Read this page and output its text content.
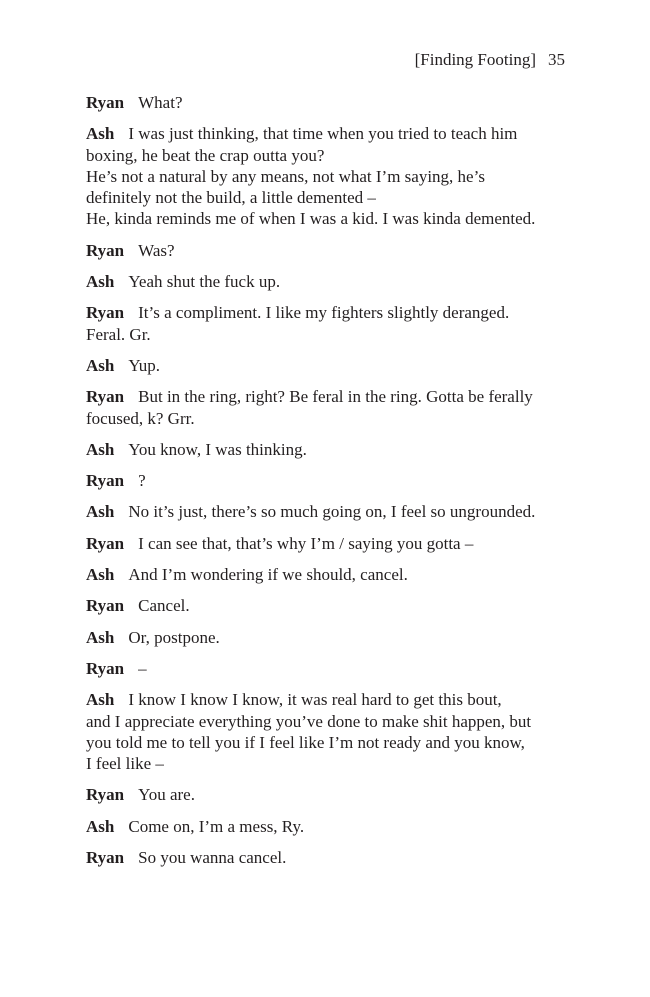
[Finding Footing] 35
Ryan What?
Ash I was just thinking, that time when you tried to teach him
boxing, he beat the crap outta you?
He’s not a natural by any means, not what I’m saying, he’s
definitely not the build, a little demented –
He, kinda reminds me of when I was a kid. I was kinda demented.
Ryan Was?
Ash Yeah shut the fuck up.
Ryan It’s a compliment. I like my fighters slightly deranged.
Feral. Gr.
Ash Yup.
Ryan But in the ring, right? Be feral in the ring. Gotta be ferally
focused, k? Grr.
Ash You know, I was thinking.
Ryan ?
Ash No it’s just, there’s so much going on, I feel so ungrounded.
Ryan I can see that, that’s why I’m / saying you gotta –
Ash And I’m wondering if we should, cancel.
Ryan Cancel.
Ash Or, postpone.
Ryan –
Ash I know I know I know, it was real hard to get this bout,
and I appreciate everything you’ve done to make shit happen, but
you told me to tell you if I feel like I’m not ready and you know,
I feel like –
Ryan You are.
Ash Come on, I’m a mess, Ry.
Ryan So you wanna cancel.
